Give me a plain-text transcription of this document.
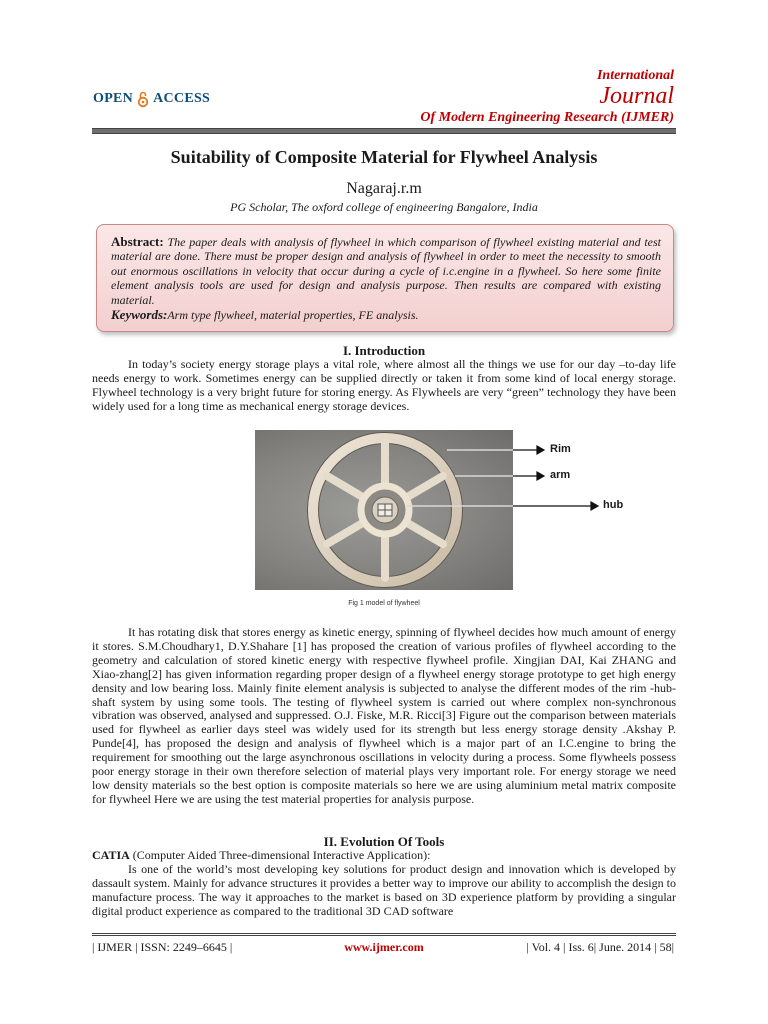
OPEN ACCESS
International
Journal
Of Modern Engineering Research (IJMER)
Suitability of Composite Material for Flywheel Analysis
Nagaraj.r.m
PG Scholar, The oxford college of engineering Bangalore, India
Abstract: The paper deals with analysis of flywheel in which comparison of flywheel existing material and test material are done. There must be proper design and analysis of flywheel in order to meet the necessity to smooth out enormous oscillations in velocity that occur during a cycle of i.c.engine in a flywheel. So here some finite element analysis tools are used for design and analysis purpose. Then results are compared with existing material.
Keywords:Arm type flywheel, material properties, FE analysis.
I. Introduction
In today’s society energy storage plays a vital role, where almost all the things we use for our day –to-day life needs energy to work. Sometimes energy can be supplied directly or taken it from some kind of local energy storage. Flywheel technology is a very bright future for storing energy. As Flywheels are very “green” technology they have been widely used for a long time as mechanical energy storage devices.
Rim
arm
hub
Fig 1 model of flywheel
It has rotating disk that stores energy as kinetic energy, spinning of flywheel decides how much amount of energy it stores. S.M.Choudhary1, D.Y.Shahare [1] has proposed the creation of various profiles of flywheel according to the geometry and calculation of stored kinetic energy with respective flywheel profile. Xingjian DAI, Kai ZHANG and Xiao-zhang[2] has given information regarding proper design of a flywheel energy storage prototype to get high energy density and low bearing loss. Mainly finite element analysis is subjected to analyse the different modes of the rim -hub- shaft system by using some tools. The testing of flywheel system is carried out where complex non-synchronous vibration was observed, analysed and suppressed. O.J. Fiske, M.R. Ricci[3] Figure out the comparison between materials used for flywheel as earlier days steel was widely used for its strength but less energy storage density .Akshay P. Punde[4], has proposed the design and analysis of flywheel which is a major part of an I.C.engine to bring the requirement for smoothing out the large asynchronous oscillations in velocity during a process. Some flywheels possess poor energy storage in their own therefore selection of material plays very important role. For energy storage we need low density materials so the best option is composite materials so here we are using aluminium metal matrix composite for flywheel Here we are using the test material properties for analysis purpose.
II. Evolution Of Tools
CATIA (Computer Aided Three-dimensional Interactive Application):
Is one of the world’s most developing key solutions for product design and innovation which is developed by dassault system. Mainly for advance structures it provides a better way to improve our ability to accomplish the design to manufacture process. The way it approaches to the market is based on 3D experience platform by providing a singular digital product experience as compared to the traditional 3D CAD software
| IJMER | ISSN: 2249–6645 |	www.ijmer.com	| Vol. 4 | Iss. 6| June. 2014 | 58|
